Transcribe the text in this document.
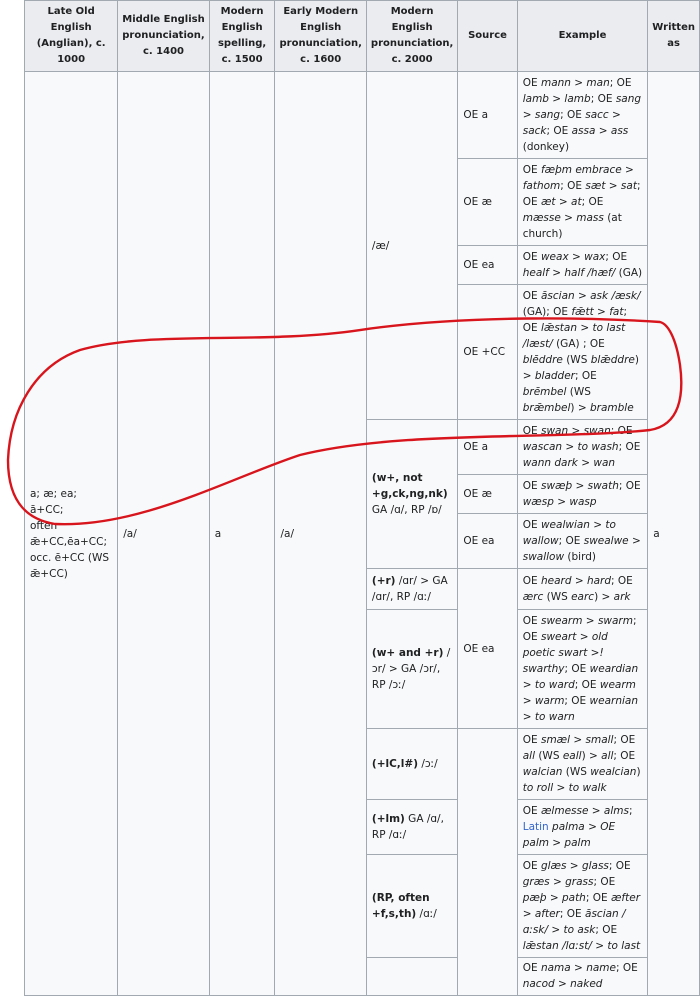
Late Old English (Anglian), c. 1000	Middle English pronunciation, c. 1400	Modern English spelling, c. 1500	Early Modern English pronunciation, c. 1600	Modern English pronunciation, c. 2000	Source	Example	Written as
a; æ; ea; ā+CC;
often
ǣ+CC,ēa+CC;
occ. ē+CC (WS
ǣ+CC)	/a/	a	/a/	/æ/	OE a	OE mann > man; OE lamb > lamb; OE sang > sang; OE sacc > sack; OE assa > ass (donkey)	a
					OE æ	OE fæþm embrace > fathom; OE sæt > sat; OE æt > at; OE mæsse > mass (at church)	
					OE ea	OE weax > wax; OE healf > half /hæf/ (GA)	
					OE +CC	OE āscian > ask /æsk/ (GA); OE fǣtt > fat; OE lǣstan > to last /læst/ (GA) ; OE blēddre (WS blǣddre) > bladder; OE brēmbel (WS brǣmbel) > bramble	
				(w+, not +g,ck,ng,nk) GA /ɑ/, RP /ɒ/	OE a	OE swan > swan; OE wascan > to wash; OE wann dark > wan	
					OE æ	OE swæþ > swath; OE wæsp > wasp	
					OE ea	OE wealwian > to wallow; OE swealwe > swallow (bird)	
				(+r) /ɑr/ > GA /ɑr/, RP /ɑː/	OE ea	OE heard > hard; OE ærc (WS earc) > ark	
				(w+ and +r) /ɔr/ > GA /ɔr/, RP /ɔː/		OE swearm > swarm; OE sweart > old poetic swart >! swarthy; OE weardian > to ward; OE wearm > warm; OE wearnian > to warn	
				(+lC,l#) /ɔː/		OE smæl > small; OE all (WS eall) > all; OE walcian (WS wealcian) to roll > to walk	
				(+lm) GA /ɑ/, RP /ɑː/		OE ælmesse > alms; Latin palma > OE palm > palm	
				(RP, often +f,s,th) /ɑː/		OE glæs > glass; OE græs > grass; OE pæþ > path; OE æfter > after; OE āscian /ɑːsk/ > to ask; OE lǣstan /lɑːst/ > to last	
						OE nama > name; OE nacod > naked	
